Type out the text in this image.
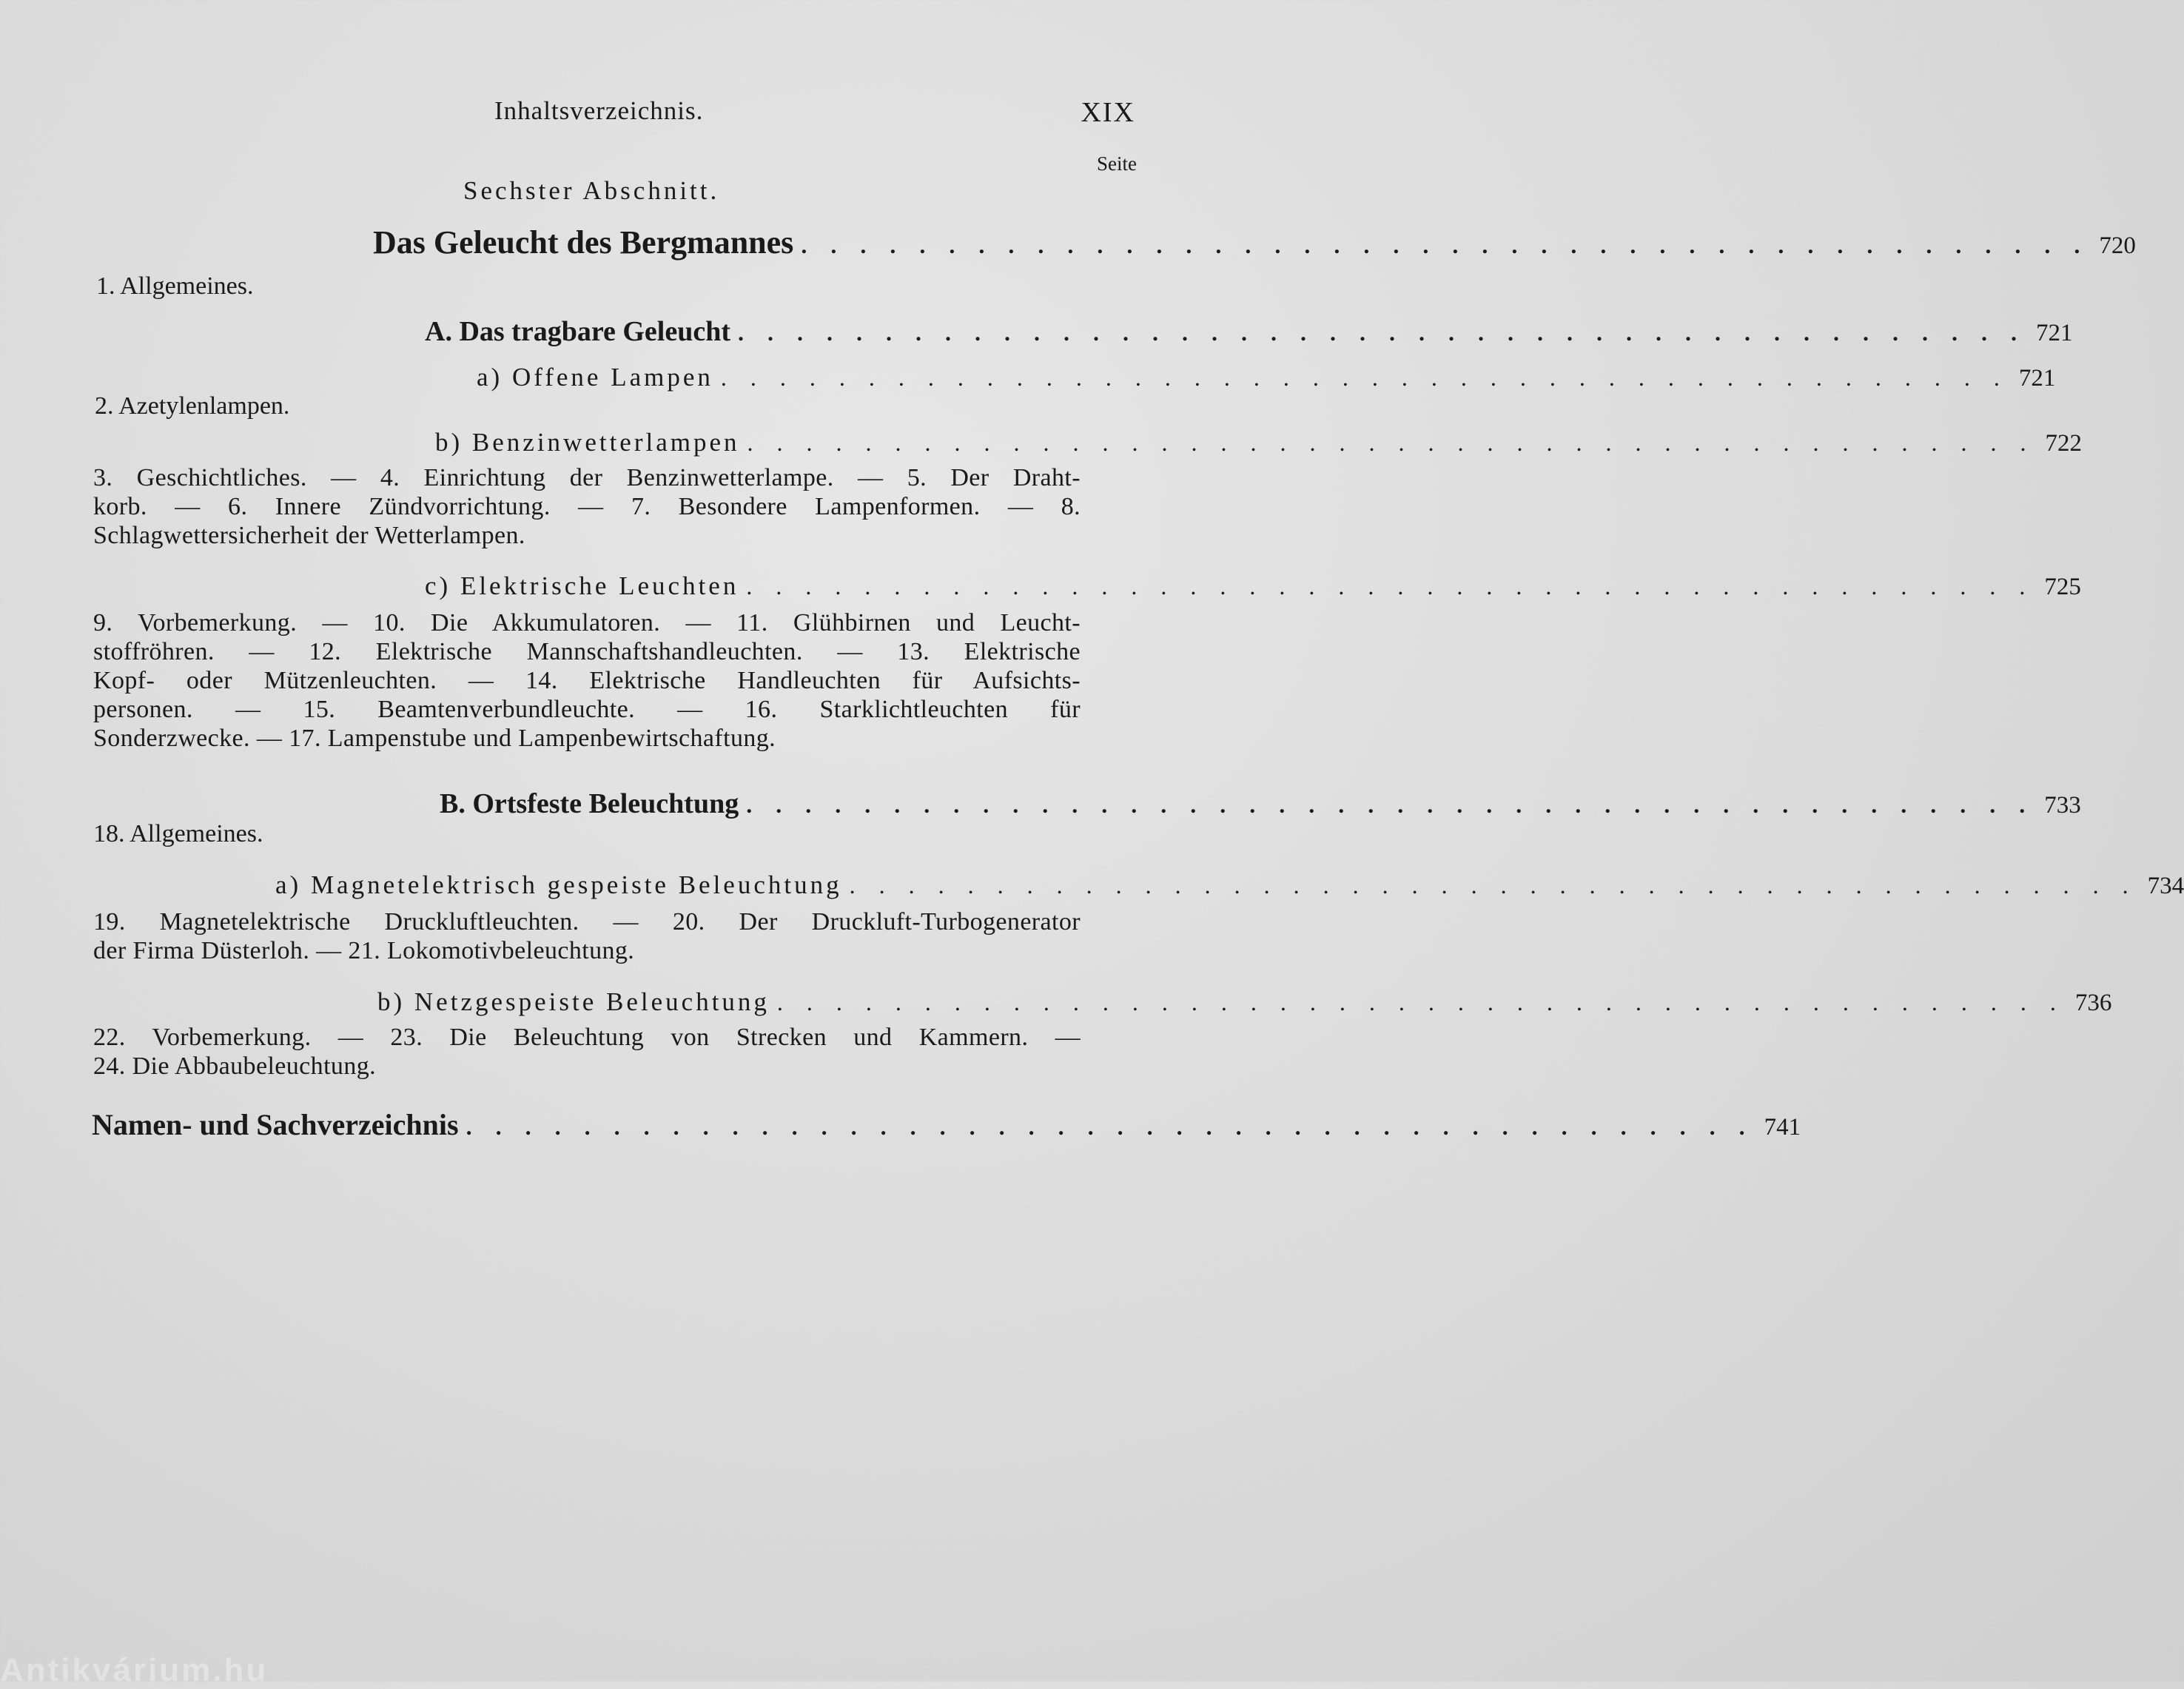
Inhaltsverzeichnis.	XIX
Seite
Sechster Abschnitt.
Das Geleucht des Bergmannes . . . . . . . . . . . . . . . . . . . . . . . . . . . . . . . . . . . . . . . . . . . . 720
1. Allgemeines.
A. Das tragbare Geleucht . . . . . . . . . . . . . . . . . . . . . . . . . . . . . . . . . . . . . . . . . . . . 721
a) Offene Lampen . . . . . . . . . . . . . . . . . . . . . . . . . . . . . . . . . . . . . . . . . . . . 721
2. Azetylenlampen.
b) Benzinwetterlampen . . . . . . . . . . . . . . . . . . . . . . . . . . . . . . . . . . . . . . . . . . . . 722
3. Geschichtliches. — 4. Einrichtung der Benzinwetterlampe. — 5. Der Draht-
korb. — 6. Innere Zündvorrichtung. — 7. Besondere Lampenformen. — 8.
Schlagwettersicherheit der Wetterlampen.
c) Elektrische Leuchten . . . . . . . . . . . . . . . . . . . . . . . . . . . . . . . . . . . . . . . . . . . . 725
9. Vorbemerkung. — 10. Die Akkumulatoren. — 11. Glühbirnen und Leucht-
stoffröhren. — 12. Elektrische Mannschaftshandleuchten. — 13. Elektrische
Kopf- oder Mützenleuchten. — 14. Elektrische Handleuchten für Aufsichts-
personen. — 15. Beamtenverbundleuchte. — 16. Starklichtleuchten für
Sonderzwecke. — 17. Lampenstube und Lampenbewirtschaftung.
B. Ortsfeste Beleuchtung . . . . . . . . . . . . . . . . . . . . . . . . . . . . . . . . . . . . . . . . . . . . 733
18. Allgemeines.
a) Magnetelektrisch gespeiste Beleuchtung . . . . . . . . . . . . . . . . . . . . . . . . . . . . . . . . . . . . . . . . . . . . 734
19. Magnetelektrische Druckluftleuchten. — 20. Der Druckluft-Turbogenerator
der Firma Düsterloh. — 21. Lokomotivbeleuchtung.
b) Netzgespeiste Beleuchtung . . . . . . . . . . . . . . . . . . . . . . . . . . . . . . . . . . . . . . . . . . . . 736
22. Vorbemerkung. — 23. Die Beleuchtung von Strecken und Kammern. —
24. Die Abbaubeleuchtung.
Namen- und Sachverzeichnis . . . . . . . . . . . . . . . . . . . . . . . . . . . . . . . . . . . . . . . . . . . . 741
Antikvárium.hu
